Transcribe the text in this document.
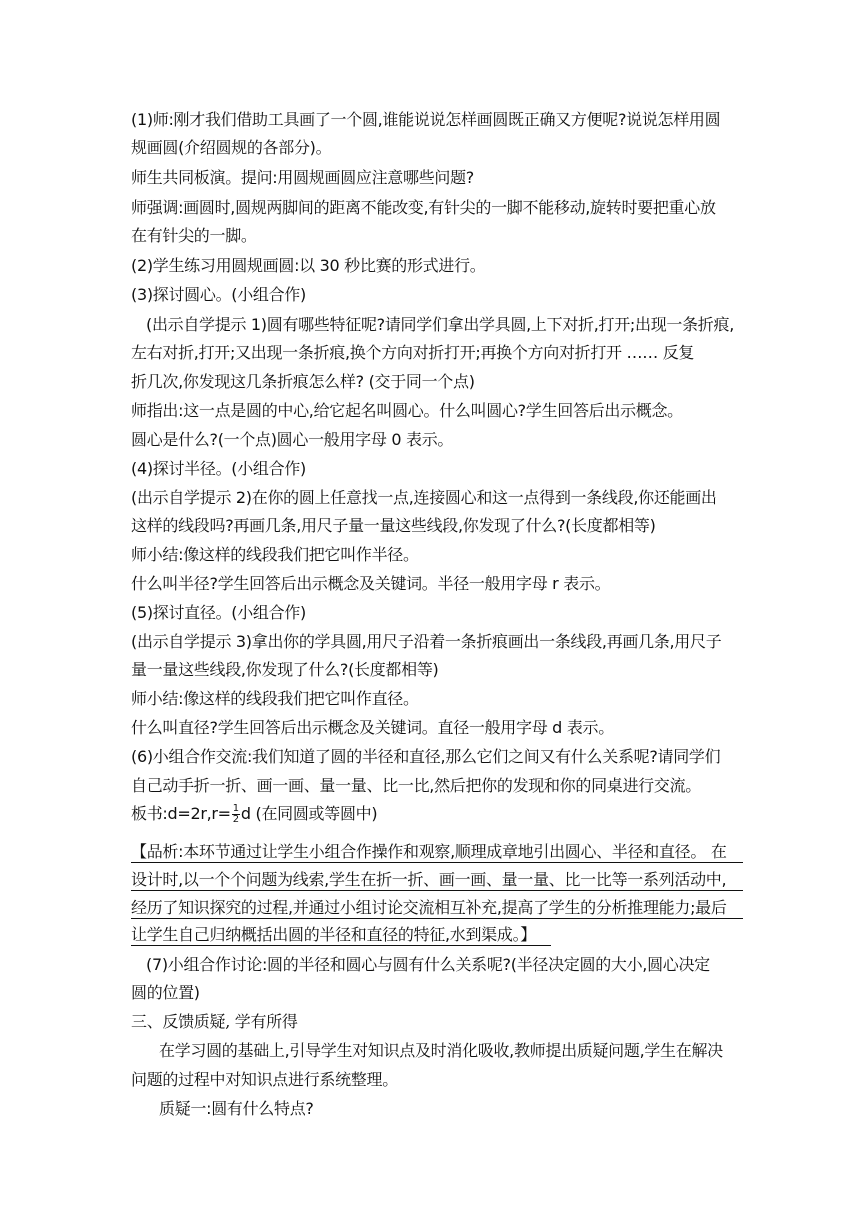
(1)师:刚才我们借助工具画了一个圆,谁能说说怎样画圆既正确又方便呢?说说怎样用圆
规画圆(介绍圆规的各部分)。
师生共同板演。提问:用圆规画圆应注意哪些问题?
师强调:画圆时,圆规两脚间的距离不能改变,有针尖的一脚不能移动,旋转时要把重心放
在有针尖的一脚。
(2)学生练习用圆规画圆:以 30 秒比赛的形式进行。
(3)探讨圆心。(小组合作)
(出示自学提示 1)圆有哪些特征呢?请同学们拿出学具圆,上下对折,打开;出现一条折痕,
左右对折,打开;又出现一条折痕,换个方向对折打开;再换个方向对折打开 …… 反复
折几次,你发现这几条折痕怎么样? (交于同一个点)
师指出:这一点是圆的中心,给它起名叫圆心。什么叫圆心?学生回答后出示概念。
圆心是什么?(一个点)圆心一般用字母 0 表示。
(4)探讨半径。(小组合作)
(出示自学提示 2)在你的圆上任意找一点,连接圆心和这一点得到一条线段,你还能画出
这样的线段吗?再画几条,用尺子量一量这些线段,你发现了什么?(长度都相等)
师小结:像这样的线段我们把它叫作半径。
什么叫半径?学生回答后出示概念及关键词。半径一般用字母 r 表示。
(5)探讨直径。(小组合作)
(出示自学提示 3)拿出你的学具圆,用尺子沿着一条折痕画出一条线段,再画几条,用尺子
量一量这些线段,你发现了什么?(长度都相等)
师小结:像这样的线段我们把它叫作直径。
什么叫直径?学生回答后出示概念及关键词。直径一般用字母 d 表示。
(6)小组合作交流:我们知道了圆的半径和直径,那么它们之间又有什么关系呢?请同学们
自己动手折一折、画一画、量一量、比一比,然后把你的发现和你的同桌进行交流。
板书:d=2r,r= $\frac{1}{2}$ d (在同圆或等圆中)
【品析:本环节通过让学生小组合作操作和观察,顺理成章地引出圆心、半径和直径。 在
设计时,以一个个问题为线索,学生在折一折、画一画、量一量、比一比等一系列活动中,
经历了知识探究的过程,并通过小组讨论交流相互补充,提高了学生的分析推理能力;最后
让学生自己归纳概括出圆的半径和直径的特征,水到渠成。】
(7)小组合作讨论:圆的半径和圆心与圆有什么关系呢?(半径决定圆的大小,圆心决定
圆的位置)
三、反馈质疑, 学有所得
在学习圆的基础上,引导学生对知识点及时消化吸收,教师提出质疑问题,学生在解决
问题的过程中对知识点进行系统整理。
质疑一:圆有什么特点?
